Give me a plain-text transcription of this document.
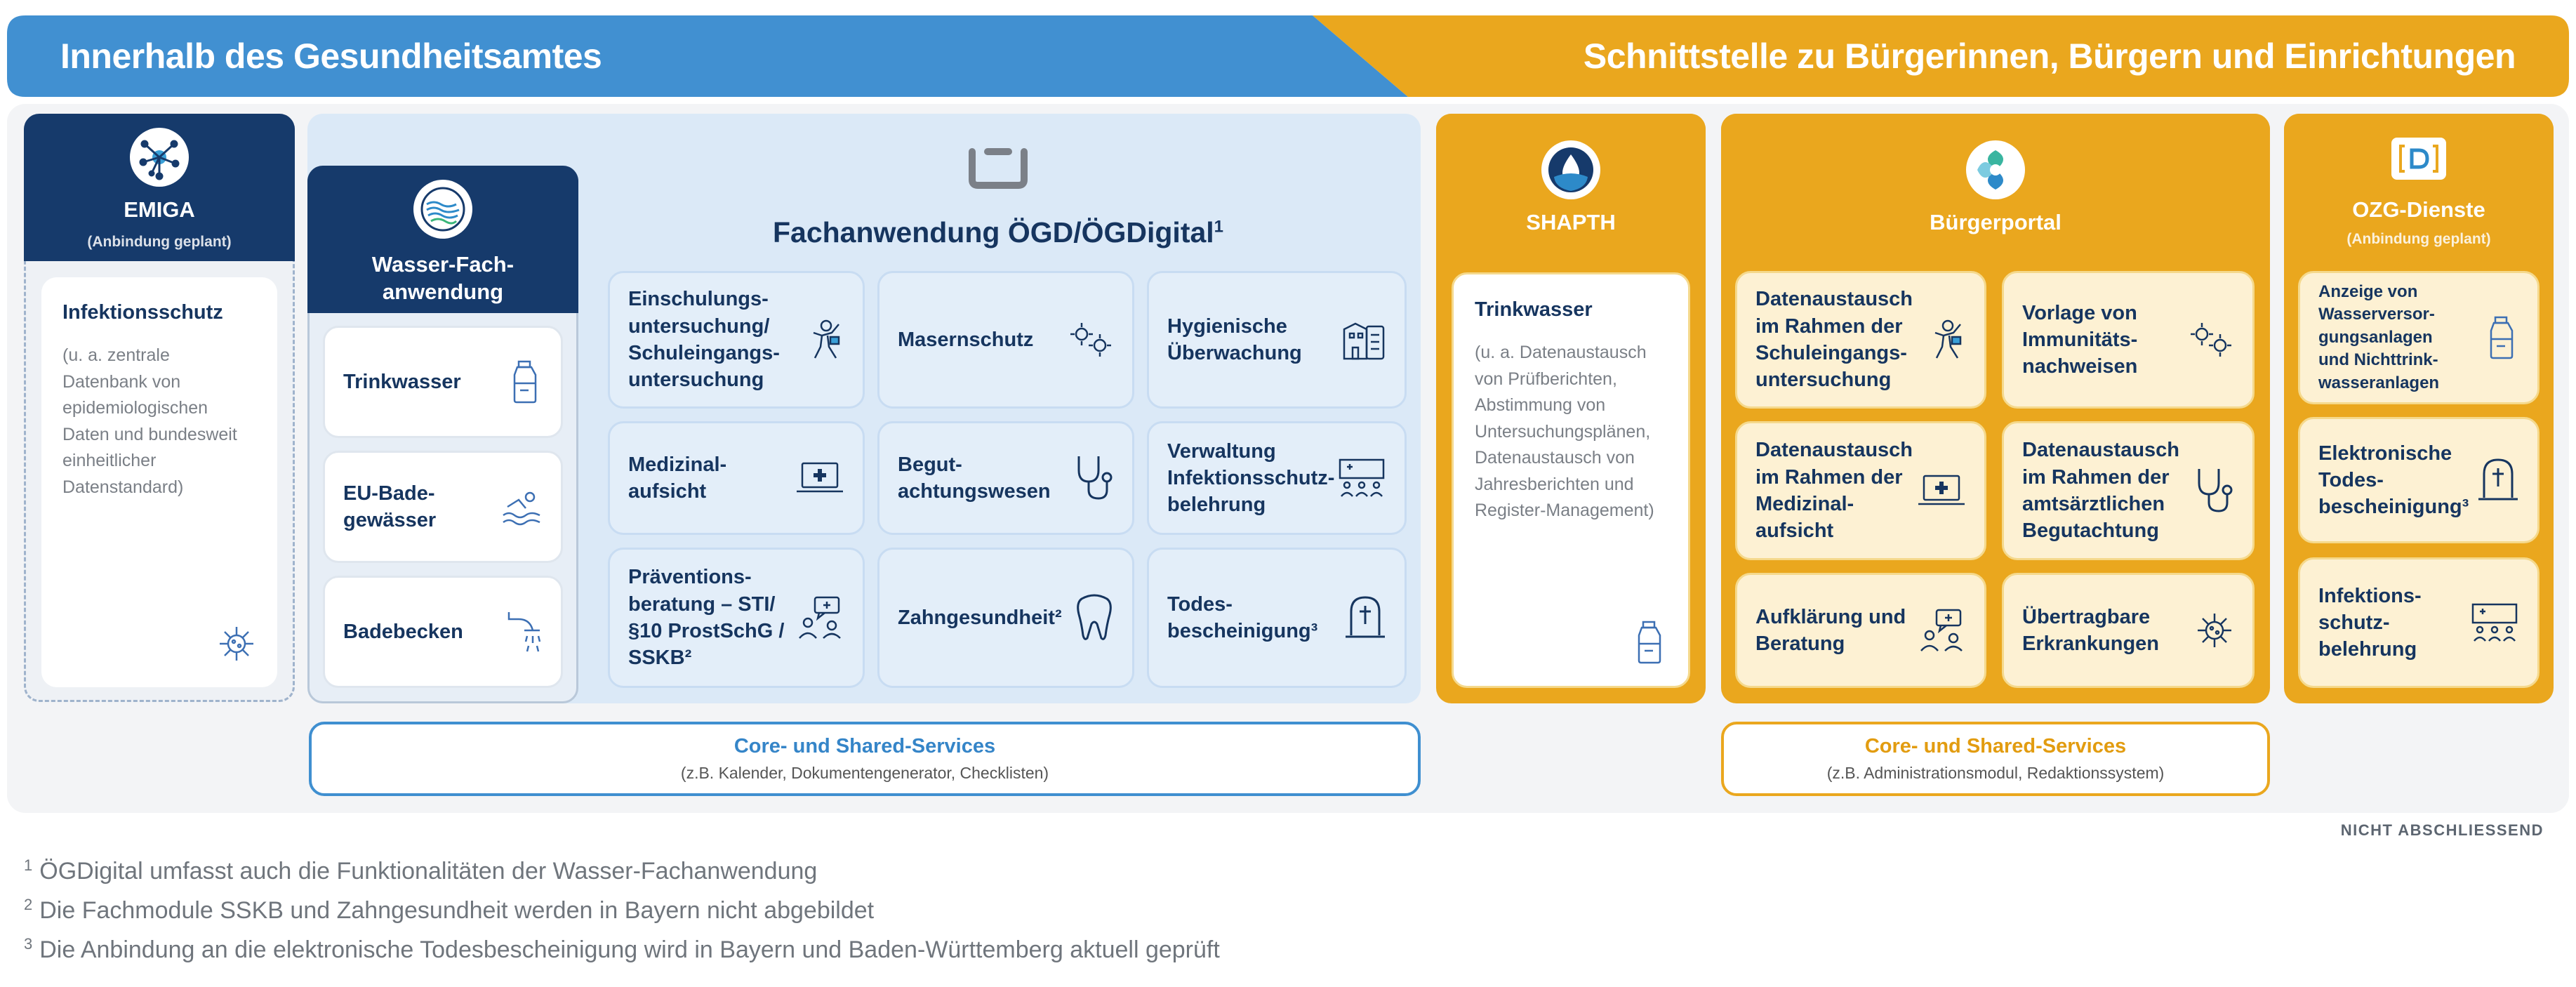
Innerhalb des Gesundheitsamtes	Schnittstelle zu Bürgerinnen, Bürgern und Einrichtungen
EMIGA
(Anbindung geplant)
Infektionsschutz
(u. a. zentrale
Datenbank von
epidemiologischen
Daten und bundesweit
einheitlicher
Datenstandard)
Fachanwendung ÖGD/ÖGDigital$^1$
Wasser-Fach-
anwendung
Trinkwasser
EU-Bade-
gewässer
Badebecken
Einschulungs-
untersuchung/
Schuleingangs-
untersuchung
Masernschutz
Hygienische
Überwachung
Medizinal-
aufsicht
Begut-
achtungswesen
Verwaltung
Infektionsschutz-
belehrung
Präventions-
beratung – STI/
§10 ProstSchG /
SSKB²
Zahngesundheit²
Todes-
bescheinigung³
Core- und Shared-Services
(z.B. Kalender, Dokumentengenerator, Checklisten)
SHAPTH
Trinkwasser
(u. a. Datenaustausch
von Prüfberichten,
Abstimmung von
Untersuchungsplänen,
Datenaustausch von
Jahresberichten und
Register-Management)
Bürgerportal
Datenaustausch
im Rahmen der
Schuleingangs-
untersuchung
Vorlage von
Immunitäts-
nachweisen
Datenaustausch
im Rahmen der
Medizinal-
aufsicht
Datenaustausch
im Rahmen der
amtsärztlichen
Begutachtung
Aufklärung und
Beratung
Übertragbare
Erkrankungen
Core- und Shared-Services
(z.B. Administrationsmodul, Redaktionssystem)
OZG-Dienste
(Anbindung geplant)
Anzeige von
Wasserversor-
gungsanlagen
und Nichttrink-
wasseranlagen
Elektronische
Todes-
bescheinigung³
Infektions-
schutz-
belehrung
NICHT ABSCHLIESSEND
$^1$ ÖGDigital umfasst auch die Funktionalitäten der Wasser-Fachanwendung
$^2$ Die Fachmodule SSKB und Zahngesundheit werden in Bayern nicht abgebildet
$^3$ Die Anbindung an die elektronische Todesbescheinigung wird in Bayern und Baden-Württemberg aktuell geprüft
